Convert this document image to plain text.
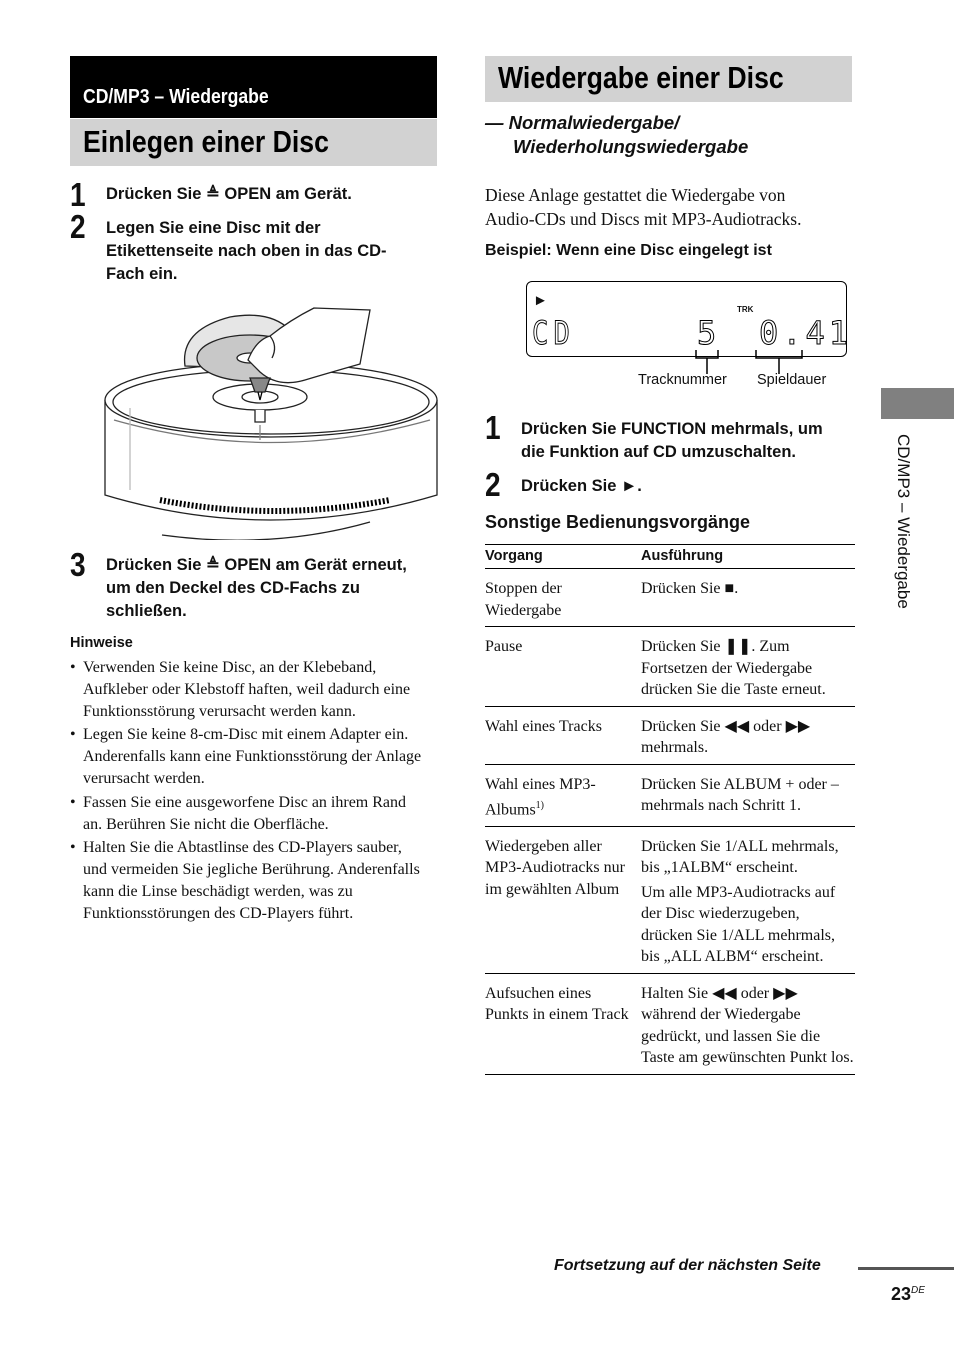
CD/MP3 – Wiedergabe
Einlegen einer Disc
1 Drücken Sie ≜ OPEN am Gerät.
2 Legen Sie eine Disc mit der
Etikettenseite nach oben in das CD-
Fach ein.
3 Drücken Sie ≜ OPEN am Gerät erneut,
um den Deckel des CD-Fachs zu
schließen.
Hinweise
• Verwenden Sie keine Disc, an der Klebeband,
Aufkleber oder Klebstoff haften, weil dadurch eine
Funktionsstörung verursacht werden kann.
• Legen Sie keine 8-cm-Disc mit einem Adapter ein.
Anderenfalls kann eine Funktionsstörung der Anlage
verursacht werden.
• Fassen Sie eine ausgeworfene Disc an ihrem Rand
an. Berühren Sie nicht die Oberfläche.
• Halten Sie die Abtastlinse des CD-Players sauber,
und vermeiden Sie jegliche Berührung. Anderenfalls
kann die Linse beschädigt werden, was zu
Funktionsstörungen des CD-Players führt.
Wiedergabe einer Disc
— Normalwiedergabe/
Wiederholungswiedergabe
Diese Anlage gestattet die Wiedergabe von
Audio-CDs und Discs mit MP3-Audiotracks.
Beispiel: Wenn eine Disc eingelegt ist
►
TRK
CD	5 0.41
Tracknummer Spieldauer
1 Drücken Sie FUNCTION mehrmals, um
die Funktion auf CD umzuschalten.
2 Drücken Sie ►.
Sonstige Bedienungsvorgänge
Vorgang	Ausführung
Stoppen der Wiedergabe	Drücken Sie ■.

Pause	Drücken Sie ❚❚. Zum Fortsetzen der Wiedergabe drücken Sie die Taste erneut.

Wahl eines Tracks	Drücken Sie ◀◀ oder ▶▶ mehrmals.

Wahl eines MP3-Albums$^{1)}$	Drücken Sie ALBUM + oder – mehrmals nach Schritt 1.

Wiedergeben aller MP3-Audiotracks nur im gewählten Album	Drücken Sie 1/ALL mehrmals, bis „1ALBM“ erscheint.

Um alle MP3-Audiotracks auf der Disc wiederzugeben, drücken Sie 1/ALL mehrmals, bis „ALL ALBM“ erscheint.

Aufsuchen eines Punkts in einem Track	Halten Sie ◀◀ oder ▶▶ während der Wiedergabe gedrückt, und lassen Sie die Taste am gewünschten Punkt los.

CD/MP3 – Wiedergabe
Fortsetzung auf der nächsten Seite
23DE
